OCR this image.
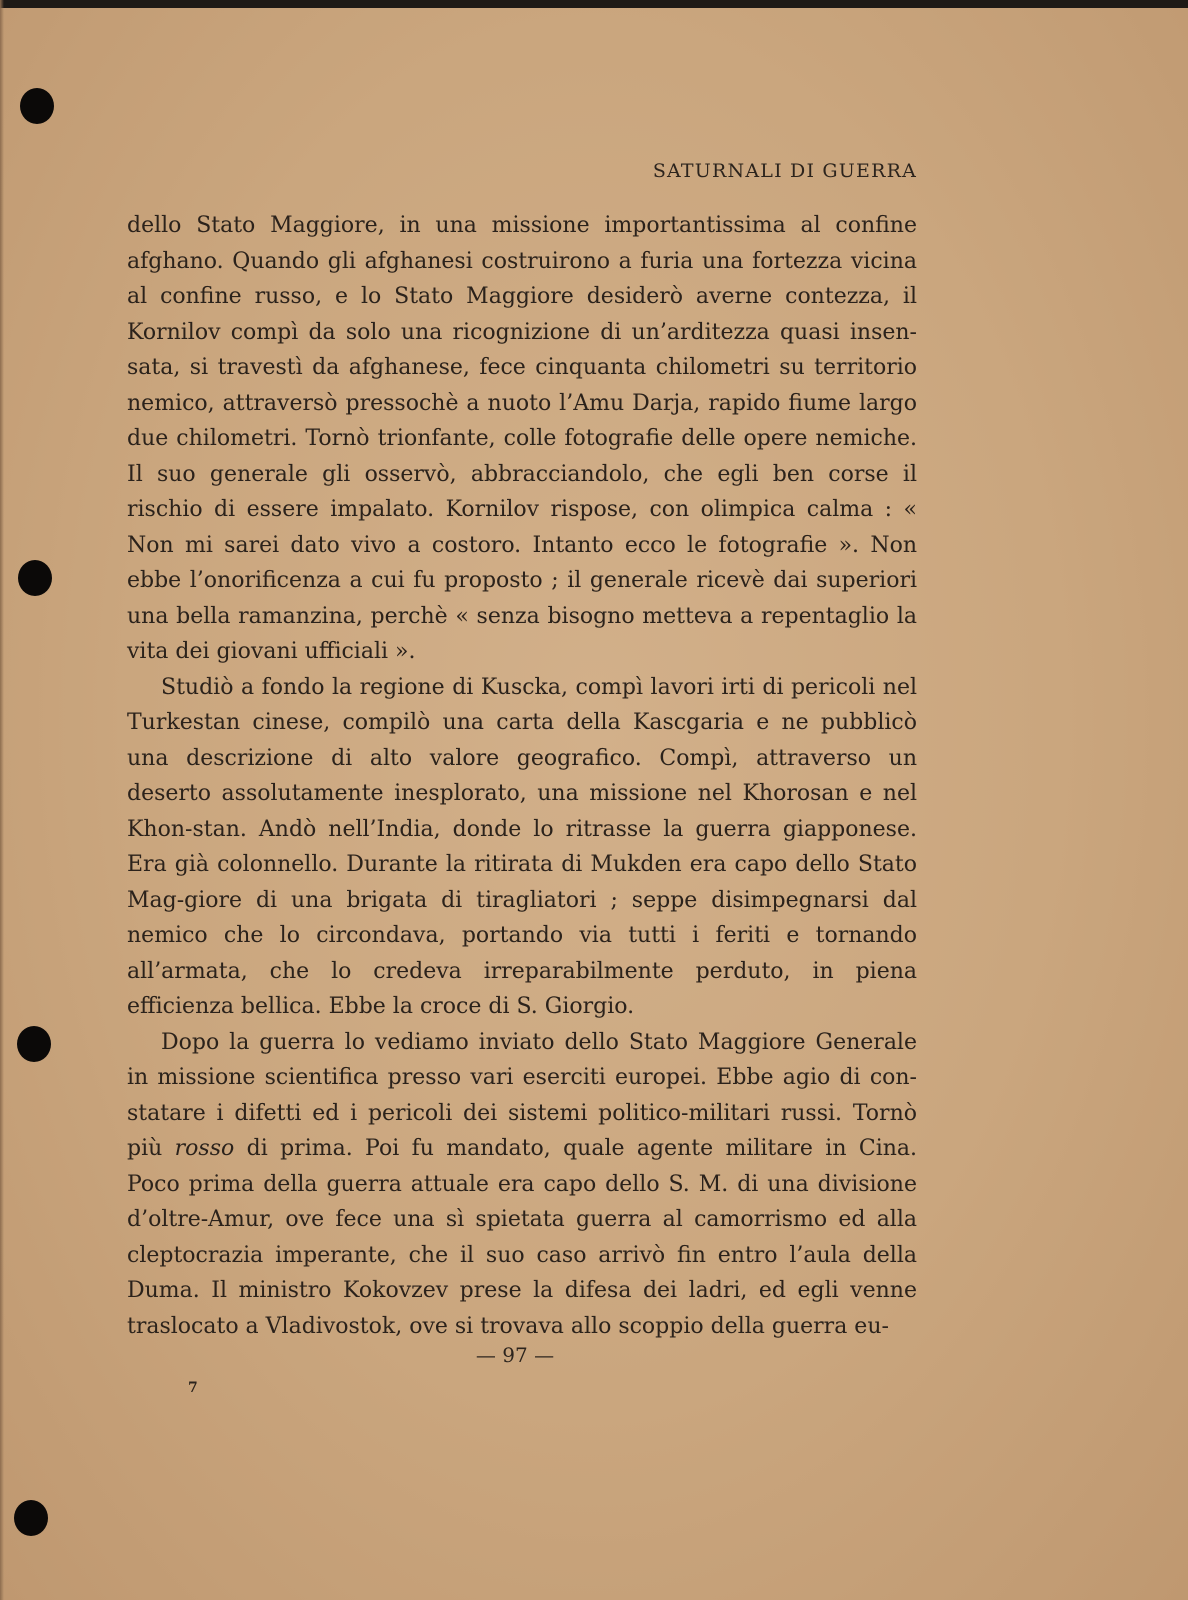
SATURNALI DI GUERRA

dello Stato Maggiore, in una missione importantissima al confine afghano. Quando gli afghanesi costruirono a furia una fortezza vicina al confine russo, e lo Stato Maggiore desiderò averne contezza, il Kornilov compì da solo una ricognizione di un’arditezza quasi insen-sata, si travestì da afghanese, fece cinquanta chilometri su territorio nemico, attraversò pressochè a nuoto l’Amu Darja, rapido fiume largo due chilometri. Tornò trionfante, colle fotografie delle opere nemiche. Il suo generale gli osservò, abbracciandolo, che egli ben corse il rischio di essere impalato. Kornilov rispose, con olimpica calma : « Non mi sarei dato vivo a costoro. Intanto ecco le fotografie ». Non ebbe l’onorificenza a cui fu proposto ; il generale ricevè dai superiori una bella ramanzina, perchè « senza bisogno metteva a repentaglio la vita dei giovani ufficiali ».

Studiò a fondo la regione di Kuscka, compì lavori irti di pericoli nel Turkestan cinese, compilò una carta della Kascgaria e ne pubblicò una descrizione di alto valore geografico. Compì, attraverso un deserto assolutamente inesplorato, una missione nel Khorosan e nel Khon-stan. Andò nell’India, donde lo ritrasse la guerra giapponese. Era già colonnello. Durante la ritirata di Mukden era capo dello Stato Mag-giore di una brigata di tiragliatori ; seppe disimpegnarsi dal nemico che lo circondava, portando via tutti i feriti e tornando all’armata, che lo credeva irreparabilmente perduto, in piena efficienza bellica. Ebbe la croce di S. Giorgio.

Dopo la guerra lo vediamo inviato dello Stato Maggiore Generale in missione scientifica presso vari eserciti europei. Ebbe agio di con-statare i difetti ed i pericoli dei sistemi politico-militari russi. Tornò più rosso di prima. Poi fu mandato, quale agente militare in Cina. Poco prima della guerra attuale era capo dello S. M. di una divisione d’oltre-Amur, ove fece una sì spietata guerra al camorrismo ed alla cleptocrazia imperante, che il suo caso arrivò fin entro l’aula della Duma. Il ministro Kokovzev prese la difesa dei ladri, ed egli venne traslocato a Vladivostok, ove si trovava allo scoppio della guerra eu-

— 97 —
7
